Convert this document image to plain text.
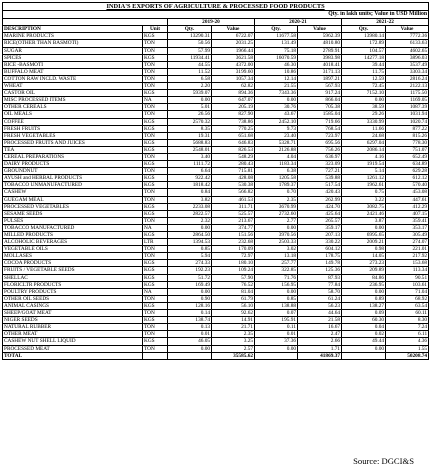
INDIA'S EXPORTS OF AGRICULTURE & PROCESSED FOOD PRODUCTS							
Qty. in lakh units; Value in USD Million							
		2019-20		2020-21		2021-22	
DESCRIPTION	Unit	Qty.	Value	Qty.	Value	Qty.	Value
MARINE PRODUCTS	KGS	13290.31	6722.07	11677.58	5962.39	13980.14	7772.36
RICE(OTHER THAN BASMOTI)	TON	50.56	2031.25	131.49	4810.80	172.89	6133.63
SUGAR	TON	57.99	1966.44	75.18	2789.91	104.57	4602.65
SPICES	KGS	11934.41	3621.58	16070.59	3983.98	14277.18	3896.03
RICE -BASMOTI	TON	44.55	4372.00	46.30	4018.41	39.44	3537.49
BUFFALO MEAT	TON	11.52	3199.60	10.86	3171.13	11.75	3303.34
COTTON RAW INCLD. WASTE	TON	6.58	1057.34	12.14	1897.21	12.59	2816.24
WHEAT	TON	2.20	62.82	21.55	567.93	72.45	2122.13
CASTOR OIL	KGS	5939.07	894.36	7343.36	917.24	7152.10	1175.50
MISC PROCESSED ITEMS	NA	0.00	647.07	0.00	866.04	0.00	1169.05
OTHER CEREALS	TON	5.01	205.19	30.76	705.38	38.59	1087.39
OIL MEALS	TON	26.56	827.90	43.67	1585.04	29.26	1031.94
COFFEE	KGS	2570.32	738.86	2452.10	719.66	3330.99	1020.74
FRESH FRUITS	KGS	8.35	770.25	9.73	768.54	11.66	877.22
FRESH VEGETABLES	TON	19.31	651.68	23.40	723.97	24.68	815.26
PROCESSED FRUITS AND JUICES	KGS	5688.83	646.83	5328.71	695.56	6297.04	778.30
TEA	KGS	2548.01	826.53	2126.88	756.26	2086.14	751.07
CEREAL PREPARATIONS	TON	3.40	548.29	4.04	636.97	4.16	652.49
DAIRY PRODUCTS	KGS	1111.72	280.43	1183.34	323.09	1919.54	634.89
GROUNDNUT	TON	6.64	715.81	6.38	727.21	5.14	629.28
AYUSH and HERBAL PRODUCTS	KGS	922.42	428.08	1205.58	539.88	1261.12	612.12
TOBACCO UNMANUFACTURED	KGS	1818.42	530.38	1789.37	517.54	1962.61	570.40
CASHEW	TON	0.84	566.82	0.70	420.43	0.75	453.08
GUEGAM MEAL	TON	3.82	461.53	2.35	262.99	3.22	447.61
PROCESSED VEGETABLES	KGS	2233.08	311.71	3670.99	424.70	3082.75	412.29
SESAME SEEDS	KGS	2822.57	525.57	2732.60	425.64	2421.46	407.15
PULSES	TON	2.32	213.67	2.77	265.57	3.87	359.41
TOBACCO MANUFACTURED	NA	0.00	374.77	0.00	359.17	0.00	353.17
MILLED PRODUCTS	KGS	2864.50	151.56	3970.56	207.13	6995.65	305.49
ALCOHOLIC BEVERAGES	LTR	1394.53	232.68	2503.33	330.22	2009.21	274.07
VEGETABLE OILS	TON	0.85	170.09	3.02	604.12	0.98	221.01
MOLLASES	TON	5.94	72.97	13.18	178.75	14.05	217.92
COCOA PRODUCTS	KGS	274.33	180.10	257.77	149.78	273.23	153.68
FRUITS / VEGETABLE SEEDS	KGS	192.23	109.24	322.85	125.36	209.89	113.34
SHELLAC	KGS	51.72	57.90	71.76	87.93	84.86	90.51
FLORICLTR PRODUCTS	KGS	169.49	76.52	156.95	77.84	236.95	103.61
POULTRY PRODUCTS	NA	0.00	81.04	0.00	58.70	0.00	71.04
OTHER OIL SEEDS	TON	0.90	61.79	0.85	61.24	0.89	68.92
ANIMAL CASINGS	KGS	128.16	56.10	138.88	56.23	138.27	63.54
SHEEP/GOAT MEAT	TON	0.14	92.62	0.07	44.64	0.09	60.11
NIGER SEEDS	KGS	138.74	14.91	195.91	21.58	60.30	8.30
NATURAL RUBBER	TON	0.13	21.71	0.11	16.67	0.04	7.24
OTHER MEAT	TON	0.01	2.35	0.01	2.47	0.02	6.11
CASHEW NUT SHELL LIQUID	KGS	46.05	3.25	37.36	2.66	49.44	4.36
PROCESSED MEAT	TON	0.00	2.57	0.00	1.71	0.00	1.55
TOTAL			35585.62		41869.37		50208.74
Source: DGCI&S
